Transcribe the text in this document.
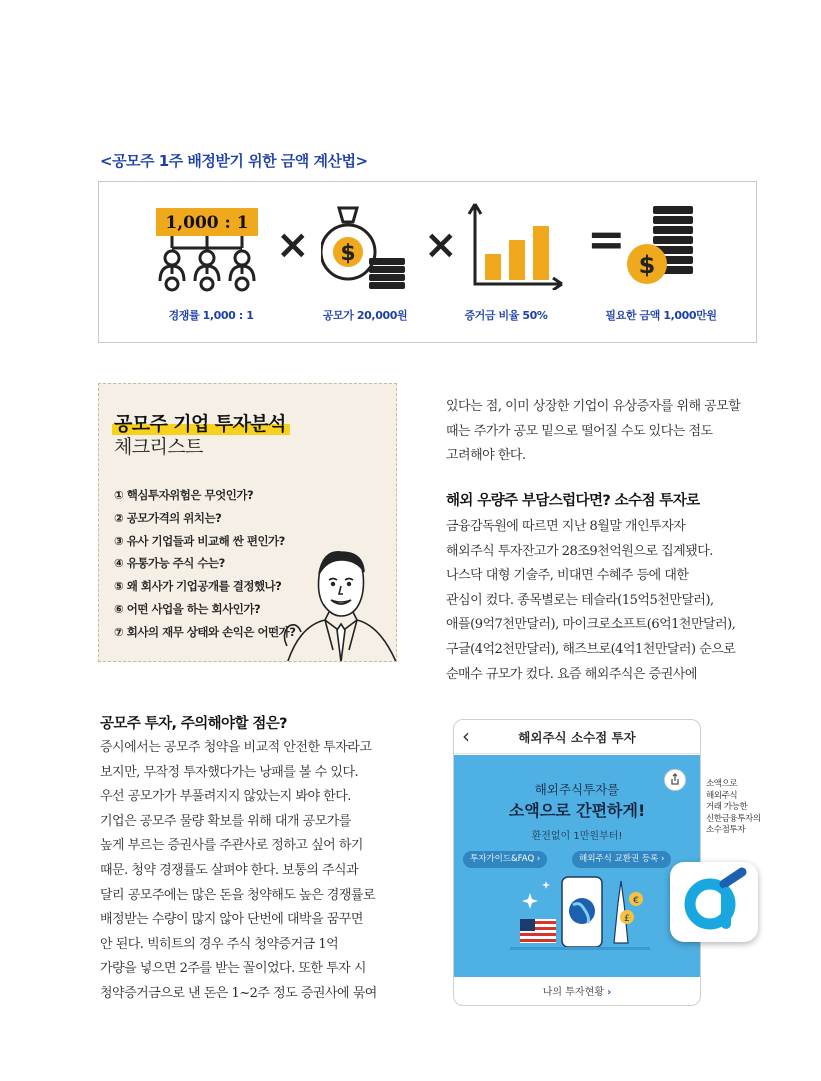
<공모주 1주 배정받기 위한 금액 계산법>
1,000 : 1 × $ ×	= $
경쟁률 1,000 : 1	공모가 20,000원	증거금 비율 50%	필요한 금액 1,000만원
공모주 기업 투자분석
체크리스트
① 핵심투자위험은 무엇인가?
② 공모가격의 위치는?
③ 유사 기업들과 비교해 싼 편인가?
④ 유통가능 주식 수는?
⑤ 왜 회사가 기업공개를 결정했나?
⑥ 어떤 사업을 하는 회사인가?
⑦ 회사의 재무 상태와 손익은 어떤가?
있다는 점, 이미 상장한 기업이 유상증자를 위해 공모할
때는 주가가 공모 밑으로 떨어질 수도 있다는 점도
고려해야 한다.
해외 우량주 부담스럽다면? 소수점 투자로
금융감독원에 따르면 지난 8월말 개인투자자
해외주식 투자잔고가 28조9천억원으로 집계됐다.
나스닥 대형 기술주, 비대면 수혜주 등에 대한
관심이 컸다. 종목별로는 테슬라(15억5천만달러),
애플(9억7천만달러), 마이크로소프트(6억1천만달러),
구글(4억2천만달러), 해즈브로(4억1천만달러) 순으로
순매수 규모가 컸다. 요즘 해외주식은 증권사에
공모주 투자, 주의해야할 점은?
증시에서는 공모주 청약을 비교적 안전한 투자라고
보지만, 무작정 투자했다가는 낭패를 볼 수 있다.
우선 공모가가 부풀려지지 않았는지 봐야 한다.
기업은 공모주 물량 확보를 위해 대개 공모가를
높게 부르는 증권사를 주관사로 정하고 싶어 하기
때문. 청약 경쟁률도 살펴야 한다. 보통의 주식과
달리 공모주에는 많은 돈을 청약해도 높은 경쟁률로
배정받는 수량이 많지 않아 단번에 대박을 꿈꾸면
안 된다. 빅히트의 경우 주식 청약증거금 1억
가량을 넣으면 2주를 받는 꼴이었다. 또한 투자 시
청약증거금으로 낸 돈은 1~2주 정도 증권사에 묶여
‹	해외주식 소수점 투자
해외주식투자를
소액으로 간편하게!
환전없이 1만원부터!
투자가이드&FAQ ›	해외주식 교환권 등록 ›
€
£
나의 투자현황 ›
소액으로
해외주식
거래 가능한
신한금융투자의
소수점투자
